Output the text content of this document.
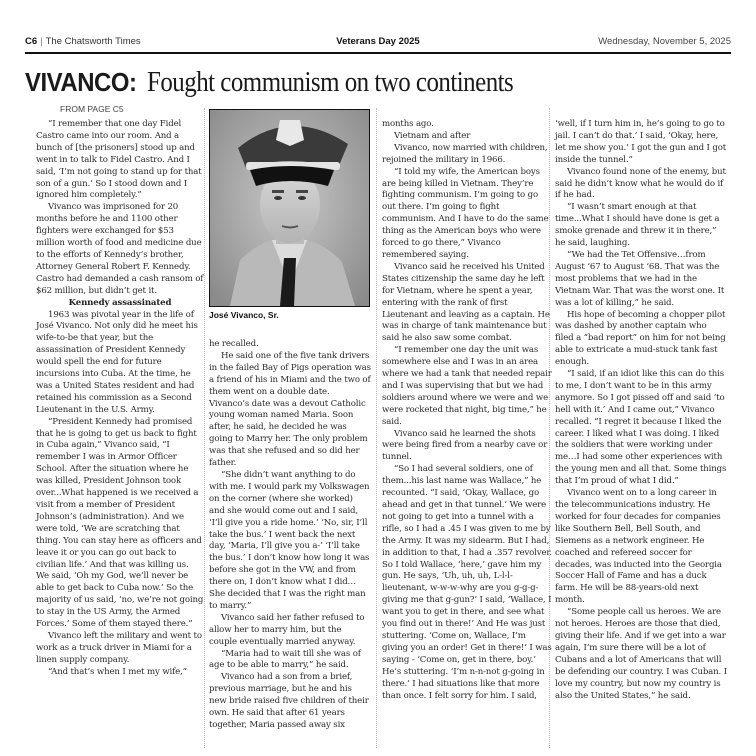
C6 | The Chatsworth Times	Veterans Day 2025	Wednesday, November 5, 2025
VIVANCO: Fought communism on two continents
FROM PAGE C5

“I remember that one day Fidel Castro came into our room. And a bunch of [the prisoners] stood up and went in to talk to Fidel Castro. And I said, ‘I’m not going to stand up for that son of a gun.’ So I stood down and I ignored him completely.”

Vivanco was imprisoned for 20 months before he and 1100 other fighters were exchanged for $53 million worth of food and medicine due to the efforts of Kennedy’s brother, Attorney General Robert F. Kennedy. Castro had demanded a cash ransom of $62 million, but didn’t get it.

Kennedy assassinated

1963 was pivotal year in the life of José Vivanco. Not only did he meet his wife-to-be that year, but the assassination of President Kennedy would spell the end for future incursions into Cuba. At the time, he was a United States resident and had retained his commission as a Second Lieutenant in the U.S. Army.

“President Kennedy had promised that he is going to get us back to fight in Cuba again,” Vivanco said, “I remember I was in Armor Officer School. After the situation where he was killed, President Johnson took over...What happened is we received a visit from a member of President Johnson’s (administration). And we were told, ‘We are scratching that thing. You can stay here as officers and leave it or you can go out back to civilian life.’ And that was killing us. We said, ‘Oh my God, we’ll never be able to get back to Cuba now.’ So the majority of us said, ‘no, we’re not going to stay in the US Army, the Armed Forces.’ Some of them stayed there.”

Vivanco left the military and went to work as a truck driver in Miami for a linen supply company.

“And that’s when I met my wife,”

José Vivanco, Sr.

he recalled.

He said one of the five tank drivers in the failed Bay of Pigs operation was a friend of his in Miami and the two of them went on a double date. Vivanco’s date was a devout Catholic young woman named Maria. Soon after, he said, he decided he was going to Marry her. The only problem was that she refused and so did her father.

“She didn’t want anything to do with me. I would park my Volkswagen on the corner (where she worked) and she would come out and I said, ‘I’ll give you a ride home.’ ‘No, sir, I’ll take the bus.’ I went back the next day, ‘Maria, I’ll give you a-’ ‘I’ll take the bus.’ I don’t know how long it was before she got in the VW, and from there on, I don’t know what I did…She decided that I was the right man to marry.”

Vivanco said her father refused to allow her to marry him, but the couple eventually married anyway.

“Maria had to wait till she was of age to be able to marry,” he said.

Vivanco had a son from a brief, previous marriage, but he and his new bride raised five children of their own. He said that after 61 years together, Maria passed away six

months ago.

Vietnam and after

Vivanco, now married with children, rejoined the military in 1966.

“I told my wife, the American boys are being killed in Vietnam. They’re fighting communism. I’m going to go out there. I’m going to fight communism. And I have to do the same thing as the American boys who were forced to go there,” Vivanco remembered saying.

Vivanco said he received his United States citizenship the same day he left for Vietnam, where he spent a year, entering with the rank of first Lieutenant and leaving as a captain. He was in charge of tank maintenance but said he also saw some combat.

“I remember one day the unit was somewhere else and I was in an area where we had a tank that needed repair and I was supervising that but we had soldiers around where we were and we were rocketed that night, big time,” he said.

Vivanco said he learned the shots were being fired from a nearby cave or tunnel.

“So I had several soldiers, one of them...his last name was Wallace,” he recounted. “I said, ‘Okay, Wallace, go ahead and get in that tunnel.’ We were not going to get into a tunnel with a rifle, so I had a .45 I was given to me by the Army. It was my sidearm. But I had, in addition to that, I had a .357 revolver. So I told Wallace, ‘here,’ gave him my gun. He says, ‘Uh, uh, uh, L-l-l-lieutenant, w-w-w-why are you g-g-g-giving me that g-gun?’ I said, ‘Wallace, I want you to get in there, and see what you find out in there!’ And He was just stuttering. ‘Come on, Wallace, I’m giving you an order! Get in there!’ I was saying - ‘Come on, get in there, boy.’ He’s stuttering. ‘I’m n-n-not g-going in there.’ I had situations like that more than once. I felt sorry for him. I said,

‘well, if I turn him in, he’s going to go to jail. I can’t do that.’ I said, ‘Okay, here, let me show you.’ I got the gun and I got inside the tunnel.”

Vivanco found none of the enemy, but said he didn’t know what he would do if if he had.

“I wasn’t smart enough at that time...What I should have done is get a smoke grenade and threw it in there,” he said, laughing.

“We had the Tet Offensive…from August ‘67 to August ‘68. That was the most problems that we had in the Vietnam War. That was the worst one. It was a lot of killing,” he said.

His hope of becoming a chopper pilot was dashed by another captain who filed a “bad report” on him for not being able to extricate a mud-stuck tank fast enough.

“I said, if an idiot like this can do this to me, I don’t want to be in this army anymore. So I got pissed off and said ‘to hell with it.’ And I came out,” Vivanco recalled. “I regret it because I liked the career. I liked what I was doing. I liked the soldiers that were working under me…I had some other experiences with the young men and all that. Some things that I’m proud of what I did.”

Vivanco went on to a long career in the telecommunications industry. He worked for four decades for companies like Southern Bell, Bell South, and Siemens as a network engineer. He coached and refereed soccer for decades, was inducted into the Georgia Soccer Hall of Fame and has a duck farm. He will be 88-years-old next month.

“Some people call us heroes. We are not heroes. Heroes are those that died, giving their life. And if we get into a war again, I’m sure there will be a lot of Cubans and a lot of Americans that will be defending our country. I was Cuban. I love my country, but now my country is also the United States,” he said.
